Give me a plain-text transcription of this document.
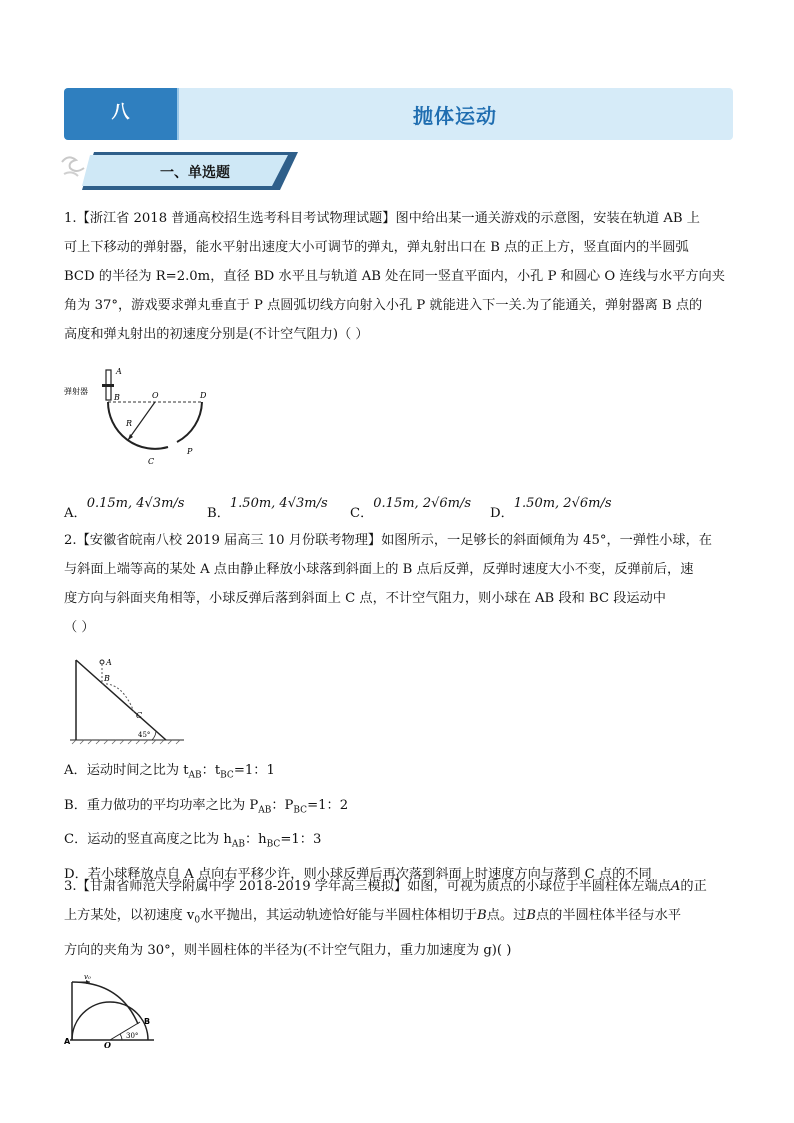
八	抛体运动
一、单选题
1.【浙江省 2018 普通高校招生选考科目考试物理试题】图中给出某一通关游戏的示意图，安装在轨道 AB 上
可上下移动的弹射器，能水平射出速度大小可调节的弹丸，弹丸射出口在 B 点的正上方，竖直面内的半圆弧
BCD 的半径为 R=2.0m，直径 BD 水平且与轨道 AB 处在同一竖直平面内，小孔 P 和圆心 O 连线与水平方向夹
角为 37°，游戏要求弹丸垂直于 P 点圆弧切线方向射入小孔 P 就能进入下一关.为了能通关，弹射器离 B 点的
高度和弹丸射出的初速度分别是(不计空气阻力)（ ）
弹射器
A
B	O	D
R
C
P
A．0.15m, 4√3m/s
B．1.50m, 4√3m/s
C．0.15m, 2√6m/s
D．1.50m, 2√6m/s
2.【安徽省皖南八校 2019 届高三 10 月份联考物理】如图所示，一足够长的斜面倾角为 45°，一弹性小球，在
与斜面上端等高的某处 A 点由静止释放小球落到斜面上的 B 点后反弹，反弹时速度大小不变，反弹前后，速
度方向与斜面夹角相等，小球反弹后落到斜面上 C 点，不计空气阻力，则小球在 AB 段和 BC 段运动中
（ ）
A
B
C
45°
A．运动时间之比为 $t_{AB}$：$t_{BC}=1$：1
B．重力做功的平均功率之比为 $P_{AB}$：$P_{BC}=1$：2
C．运动的竖直高度之比为 $h_{AB}$：$h_{BC}=1$：3
D．若小球释放点自 A 点向右平移少许，则小球反弹后再次落到斜面上时速度方向与落到 C 点的不同
3.【甘肃省师范大学附属中学 2018-2019 学年高三模拟】如图，可视为质点的小球位于半圆柱体左端点A的正
上方某处，以初速度 $v_0$水平抛出，其运动轨迹恰好能与半圆柱体相切于B点。过B点的半圆柱体半径与水平
方向的夹角为 30°，则半圆柱体的半径为(不计空气阻力，重力加速度为 g)( )
v₀
A
B
O
30°
